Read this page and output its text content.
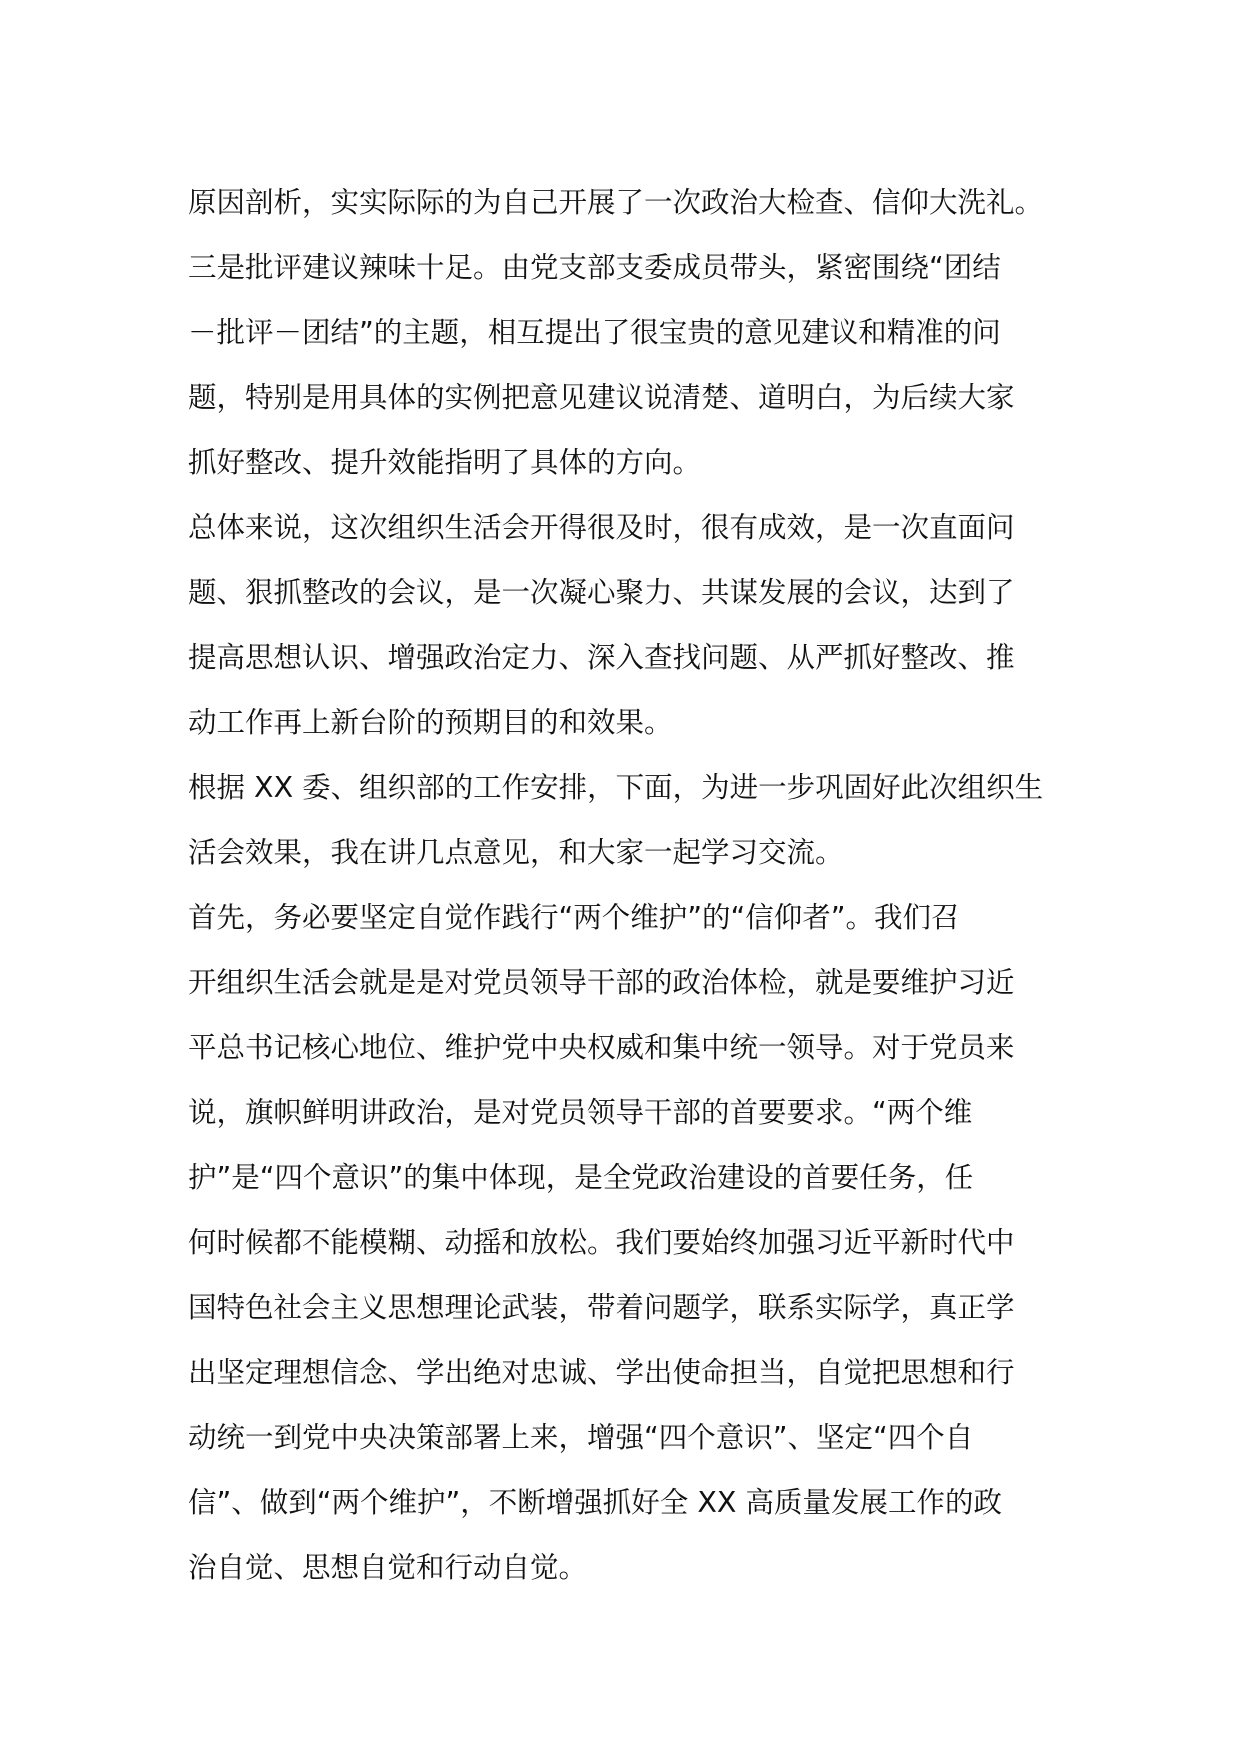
原因剖析，实实际际的为自己开展了一次政治大检查、信仰大洗礼。
三是批评建议辣味十足。由党支部支委成员带头，紧密围绕“团结
－批评－团结”的主题，相互提出了很宝贵的意见建议和精准的问
题，特别是用具体的实例把意见建议说清楚、道明白，为后续大家
抓好整改、提升效能指明了具体的方向。
总体来说，这次组织生活会开得很及时，很有成效，是一次直面问
题、狠抓整改的会议，是一次凝心聚力、共谋发展的会议，达到了
提高思想认识、增强政治定力、深入查找问题、从严抓好整改、推
动工作再上新台阶的预期目的和效果。
根据 XX 委、组织部的工作安排，下面，为进一步巩固好此次组织生
活会效果，我在讲几点意见，和大家一起学习交流。
首先，务必要坚定自觉作践行“两个维护”的“信仰者”。我们召
开组织生活会就是是对党员领导干部的政治体检，就是要维护习近
平总书记核心地位、维护党中央权威和集中统一领导。对于党员来
说，旗帜鲜明讲政治，是对党员领导干部的首要要求。“两个维
护”是“四个意识”的集中体现，是全党政治建设的首要任务，任
何时候都不能模糊、动摇和放松。我们要始终加强习近平新时代中
国特色社会主义思想理论武装，带着问题学，联系实际学，真正学
出坚定理想信念、学出绝对忠诚、学出使命担当，自觉把思想和行
动统一到党中央决策部署上来，增强“四个意识”、坚定“四个自
信”、做到“两个维护”，不断增强抓好全 XX 高质量发展工作的政
治自觉、思想自觉和行动自觉。
